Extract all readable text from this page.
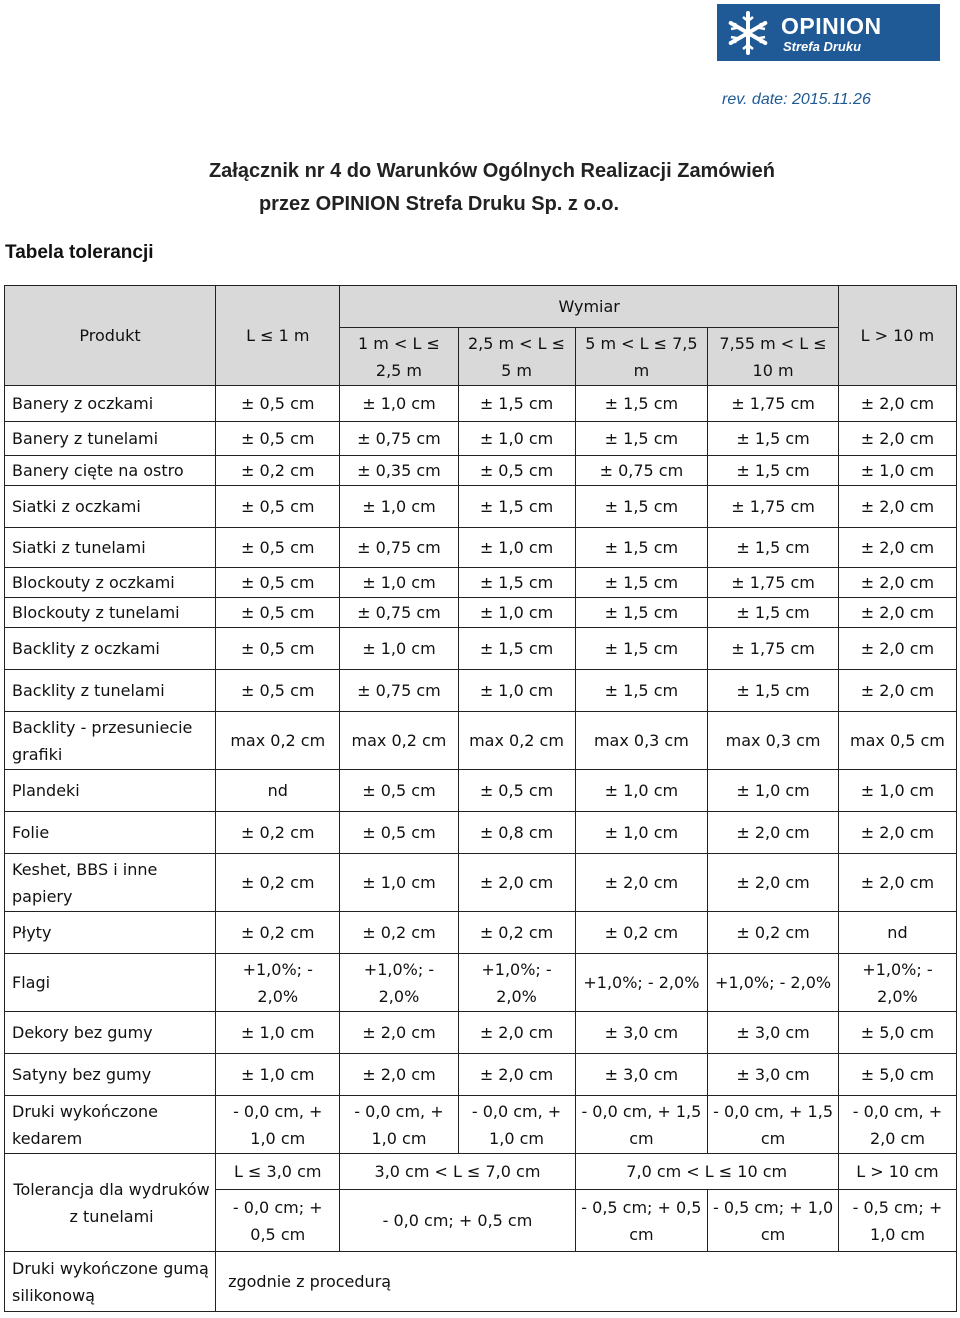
OPINION
Strefa Druku
rev. date: 2015.11.26
Załącznik nr 4 do Warunków Ogólnych Realizacji Zamówień
przez OPINION Strefa Druku Sp. z o.o.
Tabela tolerancji
Produkt	L ≤ 1 m	Wymiar				L > 10 m
		1 m < L ≤ 2,5 m	2,5 m < L ≤ 5 m	5 m < L ≤ 7,5 m	7,55 m < L ≤ 10 m	
Banery z oczkami	± 0,5 cm	± 1,0 cm	± 1,5 cm	± 1,5 cm	± 1,75 cm	± 2,0 cm
Banery z tunelami	± 0,5 cm	± 0,75 cm	± 1,0 cm	± 1,5 cm	± 1,5 cm	± 2,0 cm
Banery cięte na ostro	± 0,2 cm	± 0,35 cm	± 0,5 cm	± 0,75 cm	± 1,5 cm	± 1,0 cm
Siatki z oczkami	± 0,5 cm	± 1,0 cm	± 1,5 cm	± 1,5 cm	± 1,75 cm	± 2,0 cm
Siatki z tunelami	± 0,5 cm	± 0,75 cm	± 1,0 cm	± 1,5 cm	± 1,5 cm	± 2,0 cm
Blockouty z oczkami	± 0,5 cm	± 1,0 cm	± 1,5 cm	± 1,5 cm	± 1,75 cm	± 2,0 cm
Blockouty z tunelami	± 0,5 cm	± 0,75 cm	± 1,0 cm	± 1,5 cm	± 1,5 cm	± 2,0 cm
Backlity z oczkami	± 0,5 cm	± 1,0 cm	± 1,5 cm	± 1,5 cm	± 1,75 cm	± 2,0 cm
Backlity z tunelami	± 0,5 cm	± 0,75 cm	± 1,0 cm	± 1,5 cm	± 1,5 cm	± 2,0 cm
Backlity - przesuniecie grafiki	max 0,2 cm	max 0,2 cm	max 0,2 cm	max 0,3 cm	max 0,3 cm	max 0,5 cm
Plandeki	nd	± 0,5 cm	± 0,5 cm	± 1,0 cm	± 1,0 cm	± 1,0 cm
Folie	± 0,2 cm	± 0,5 cm	± 0,8 cm	± 1,0 cm	± 2,0 cm	± 2,0 cm
Keshet, BBS i inne papiery	± 0,2 cm	± 1,0 cm	± 2,0 cm	± 2,0 cm	± 2,0 cm	± 2,0 cm
Płyty	± 0,2 cm	± 0,2 cm	± 0,2 cm	± 0,2 cm	± 0,2 cm	nd
Flagi	+1,0%; - 2,0%	+1,0%; - 2,0%	+1,0%; - 2,0%	+1,0%; - 2,0%	+1,0%; - 2,0%	+1,0%; - 2,0%
Dekory bez gumy	± 1,0 cm	± 2,0 cm	± 2,0 cm	± 3,0 cm	± 3,0 cm	± 5,0 cm
Satyny bez gumy	± 1,0 cm	± 2,0 cm	± 2,0 cm	± 3,0 cm	± 3,0 cm	± 5,0 cm
Druki wykończone kedarem	- 0,0 cm, + 1,0 cm	- 0,0 cm, + 1,0 cm	- 0,0 cm, + 1,0 cm	- 0,0 cm, + 1,5 cm	- 0,0 cm, + 1,5 cm	- 0,0 cm, + 2,0 cm
Tolerancja dla wydruków z tunelami	L ≤ 3,0 cm	3,0 cm < L ≤ 7,0 cm		7,0 cm < L ≤ 10 cm		L > 10 cm
	- 0,0 cm; + 0,5 cm	- 0,0 cm; + 0,5 cm		- 0,5 cm; + 0,5 cm	- 0,5 cm; + 1,0 cm	- 0,5 cm; + 1,0 cm
Druki wykończone gumą silikonową	zgodnie z procedurą					
